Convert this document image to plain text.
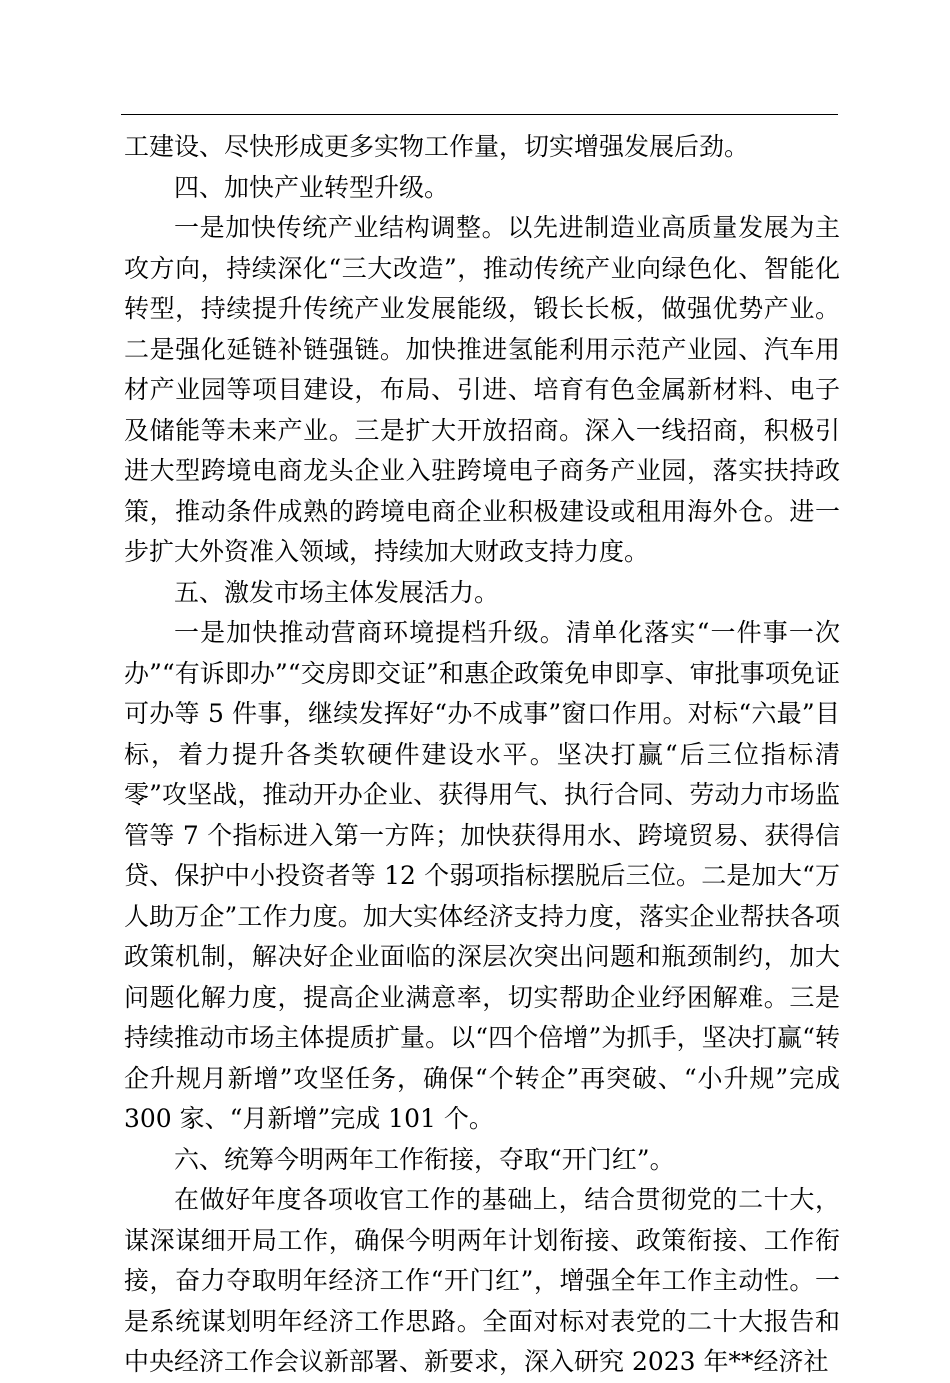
工建设、尽快形成更多实物工作量，切实增强发展后劲。

四、加快产业转型升级。

一是加快传统产业结构调整。以先进制造业高质量发展为主攻方向，持续深化“三大改造”，推动传统产业向绿色化、智能化转型，持续提升传统产业发展能级，锻长长板，做强优势产业。二是强化延链补链强链。加快推进氢能利用示范产业园、汽车用材产业园等项目建设，布局、引进、培育有色金属新材料、电子及储能等未来产业。三是扩大开放招商。深入一线招商，积极引进大型跨境电商龙头企业入驻跨境电子商务产业园，落实扶持政策，推动条件成熟的跨境电商企业积极建设或租用海外仓。进一步扩大外资准入领域，持续加大财政支持力度。

五、激发市场主体发展活力。

一是加快推动营商环境提档升级。清单化落实“一件事一次办”“有诉即办”“交房即交证”和惠企政策免申即享、审批事项免证可办等 5 件事，继续发挥好“办不成事”窗口作用。对标“六最”目标，着力提升各类软硬件建设水平。坚决打赢“后三位指标清零”攻坚战，推动开办企业、获得用气、执行合同、劳动力市场监管等 7 个指标进入第一方阵；加快获得用水、跨境贸易、获得信贷、保护中小投资者等 12 个弱项指标摆脱后三位。二是加大“万人助万企”工作力度。加大实体经济支持力度，落实企业帮扶各项政策机制，解决好企业面临的深层次突出问题和瓶颈制约，加大问题化解力度，提高企业满意率，切实帮助企业纾困解难。三是持续推动市场主体提质扩量。以“四个倍增”为抓手，坚决打赢“转企升规月新增”攻坚任务，确保“个转企”再突破、“小升规”完成 300 家、“月新增”完成 101 个。

六、统筹今明两年工作衔接，夺取“开门红”。

在做好年度各项收官工作的基础上，结合贯彻党的二十大，谋深谋细开局工作，确保今明两年计划衔接、政策衔接、工作衔接，奋力夺取明年经济工作“开门红”，增强全年工作主动性。一是系统谋划明年经济工作思路。全面对标对表党的二十大报告和中央经济工作会议新部署、新要求，深入研究 2023 年**经济社
